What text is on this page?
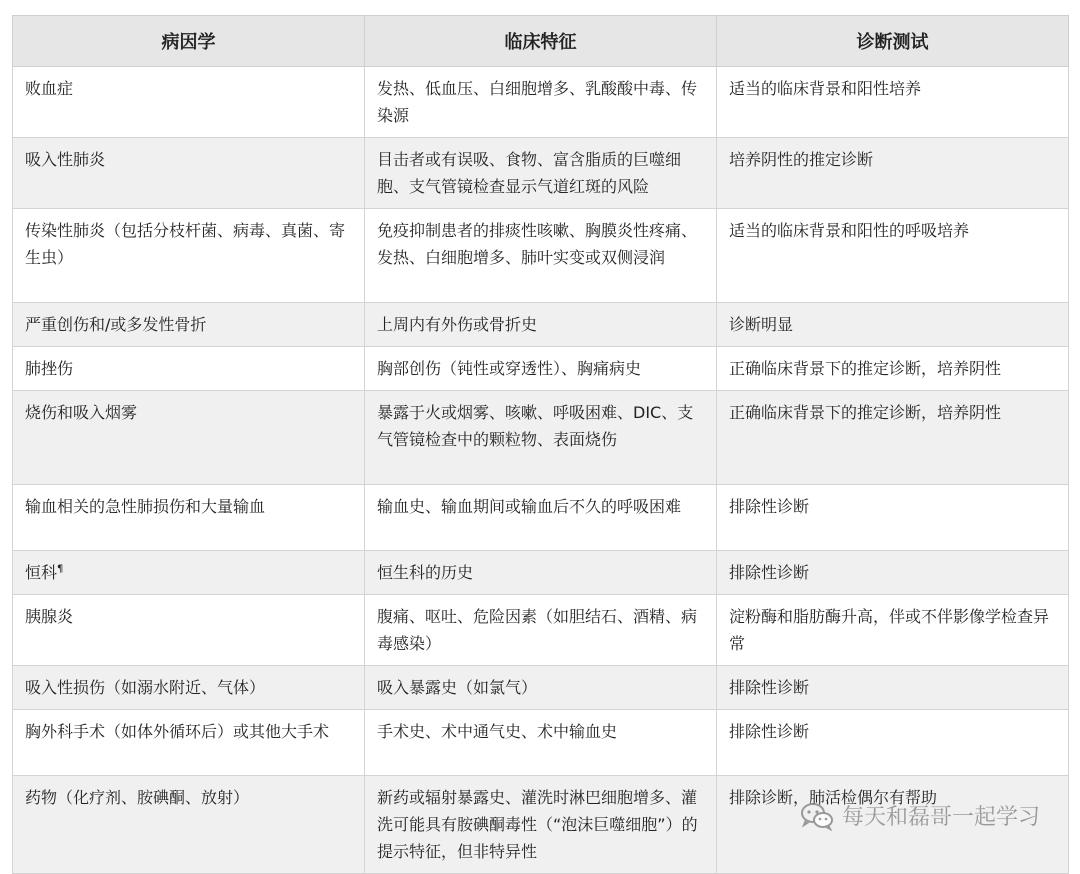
病因学	临床特征	诊断测试
败血症	发热、低血压、白细胞增多、乳酸酸中毒、传染源	适当的临床背景和阳性培养
吸入性肺炎	目击者或有误吸、食物、富含脂质的巨噬细胞、支气管镜检查显示气道红斑的风险	培养阴性的推定诊断
传染性肺炎（包括分枝杆菌、病毒、真菌、寄生虫）	免疫抑制患者的排痰性咳嗽、胸膜炎性疼痛、发热、白细胞增多、肺叶实变或双侧浸润	适当的临床背景和阳性的呼吸培养
严重创伤和/或多发性骨折	上周内有外伤或骨折史	诊断明显
肺挫伤	胸部创伤（钝性或穿透性）、胸痛病史	正确临床背景下的推定诊断，培养阴性
烧伤和吸入烟雾	暴露于火或烟雾、咳嗽、呼吸困难、DIC、支气管镜检查中的颗粒物、表面烧伤	正确临床背景下的推定诊断，培养阴性
输血相关的急性肺损伤和大量输血	输血史、输血期间或输血后不久的呼吸困难	排除性诊断
恒科¶	恒生科的历史	排除性诊断
胰腺炎	腹痛、呕吐、危险因素（如胆结石、酒精、病毒感染）	淀粉酶和脂肪酶升高，伴或不伴影像学检查异常
吸入性损伤（如溺水附近、气体）	吸入暴露史（如氯气）	排除性诊断
胸外科手术（如体外循环后）或其他大手术	手术史、术中通气史、术中输血史	排除性诊断
药物（化疗剂、胺碘酮、放射）	新药或辐射暴露史、灌洗时淋巴细胞增多、灌洗可能具有胺碘酮毒性（“泡沫巨噬细胞”）的提示特征，但非特异性	排除诊断，肺活检偶尔有帮助
每天和磊哥一起学习
